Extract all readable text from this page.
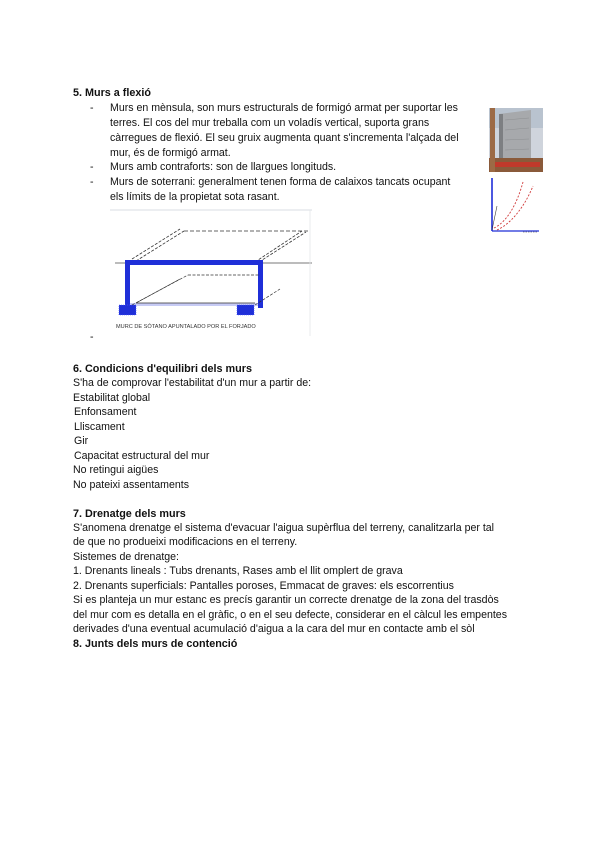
5. Murs a flexió
- Murs en mènsula, son murs estructurals de formigó armat per suportar les
terres. El cos del mur treballa com un voladís vertical, suporta grans
càrregues de flexió. El seu gruix augmenta quant s'incrementa l'alçada del
mur, és de formigó armat.
- Murs amb contraforts: son de llargues longituds.
- Murs de soterrani: generalment tenen forma de calaixos tancats ocupant
els límits de la propietat sota rasant.
MURC DE SÓTANO APUNTALADO POR EL FORJADO
-
6. Condicions d'equilibri dels murs
S'ha de comprovar l'estabilitat d'un mur a partir de:
Estabilitat global
Enfonsament
Lliscament
Gir
Capacitat estructural del mur
No retingui aigües
No pateixi assentaments
7. Drenatge dels murs
S'anomena drenatge el sistema d'evacuar l'aigua supèrflua del terreny, canalitzarla per tal
de que no produeixi modificacions en el terreny.
Sistemes de drenatge:
1. Drenants lineals : Tubs drenants, Rases amb el llit omplert de grava
2. Drenants superficials: Pantalles poroses, Emmacat de graves: els escorrentius
Si es planteja un mur estanc es precís garantir un correcte drenatge de la zona del trasdòs
del mur com es detalla en el gràfic, o en el seu defecte, considerar en el càlcul les empentes
derivades d'una eventual acumulació d'aigua a la cara del mur en contacte amb el sòl
8. Junts dels murs de contenció
